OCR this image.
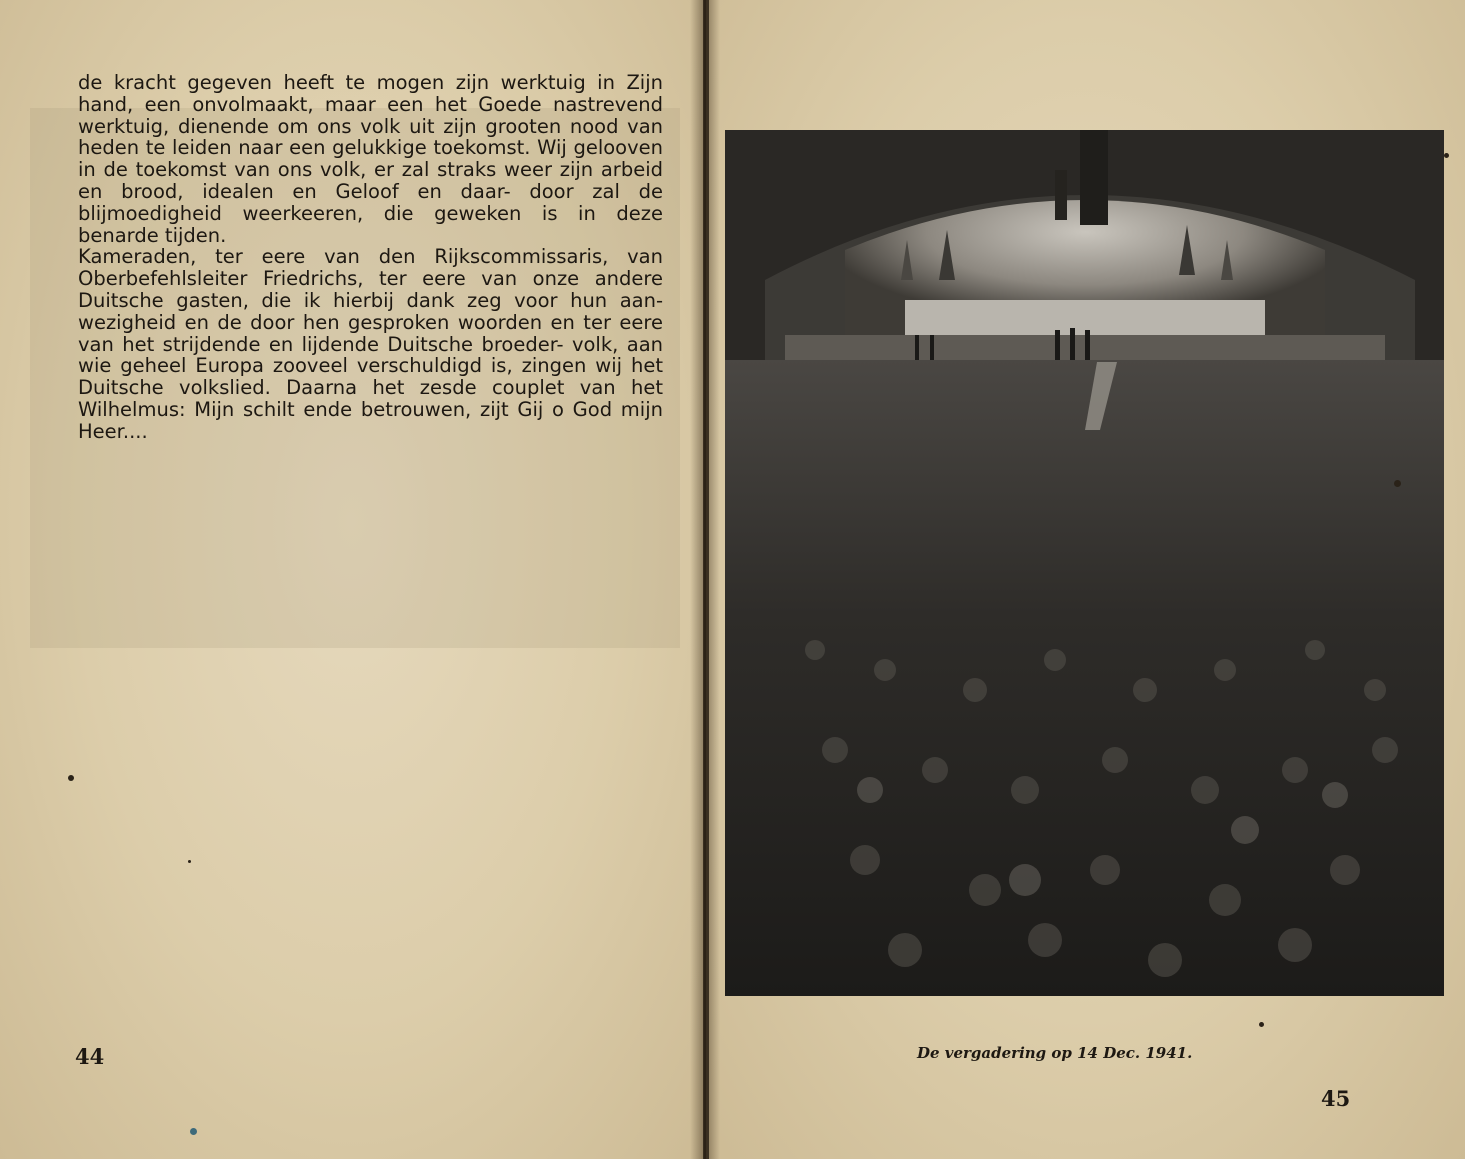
de kracht gegeven heeft te mogen zijn werktuig in Zijn hand, een onvolmaakt, maar een het Goede nastrevend werktuig, dienende om ons volk uit zijn grooten nood van heden te leiden naar een gelukkige toekomst. Wij gelooven in de toekomst van ons volk, er zal straks weer zijn arbeid en brood, idealen en Geloof en daar- door zal de blijmoedigheid weerkeeren, die geweken is in deze benarde tijden.
Kameraden, ter eere van den Rijkscommissaris, van Oberbefehlsleiter Friedrichs, ter eere van onze andere Duitsche gasten, die ik hierbij dank zeg voor hun aan- wezigheid en de door hen gesproken woorden en ter eere van het strijdende en lijdende Duitsche broeder- volk, aan wie geheel Europa zooveel verschuldigd is, zingen wij het Duitsche volkslied. Daarna het zesde couplet van het Wilhelmus: Mijn schilt ende betrouwen, zijt Gij o God mijn Heer....

44	De vergadering op 14 Dec. 1941.
45
